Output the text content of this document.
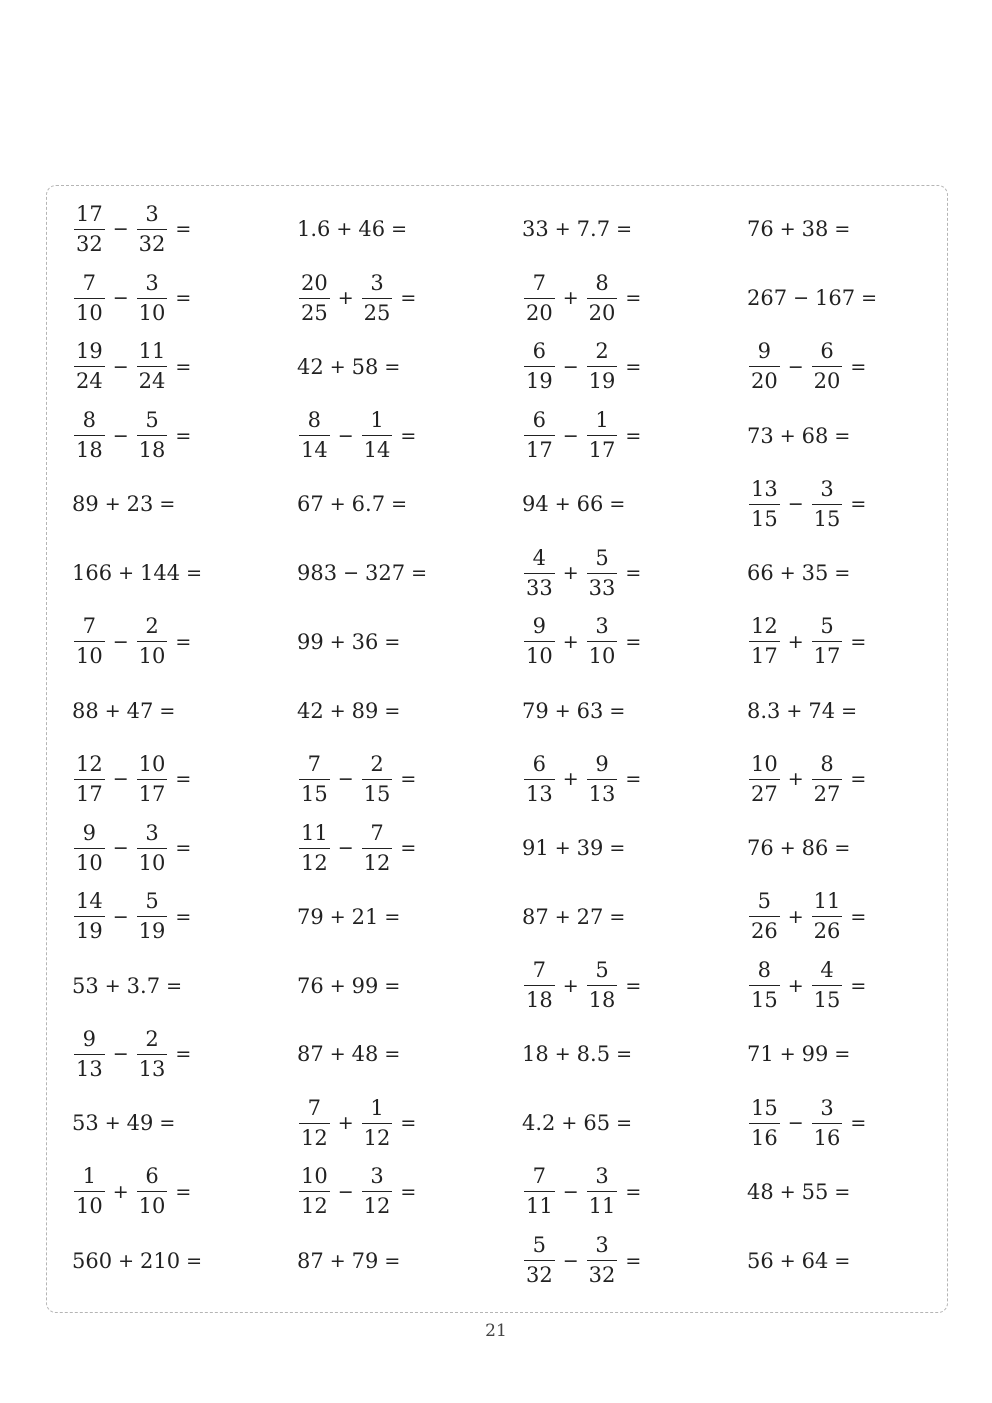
$\frac{17}{32} - \frac{3}{32}$ =	1.6 + 46 =	33 + 7.7 =	76 + 38 =
$\frac{7}{10} - \frac{3}{10}$ =	$\frac{20}{25} + \frac{3}{25}$ =	$\frac{7}{20} + \frac{8}{20}$ =	267 − 167 =
$\frac{19}{24} - \frac{11}{24}$ =	42 + 58 =	$\frac{6}{19} - \frac{2}{19}$ =	$\frac{9}{20} - \frac{6}{20}$ =
$\frac{8}{18} - \frac{5}{18}$ =	$\frac{8}{14} - \frac{1}{14}$ =	$\frac{6}{17} - \frac{1}{17}$ =	73 + 68 =
89 + 23 =	67 + 6.7 =	94 + 66 =	$\frac{13}{15} - \frac{3}{15}$ =
166 + 144 =	983 − 327 =	$\frac{4}{33} + \frac{5}{33}$ =	66 + 35 =
$\frac{7}{10} - \frac{2}{10}$ =	99 + 36 =	$\frac{9}{10} + \frac{3}{10}$ =	$\frac{12}{17} + \frac{5}{17}$ =
88 + 47 =	42 + 89 =	79 + 63 =	8.3 + 74 =
$\frac{12}{17} - \frac{10}{17}$ =	$\frac{7}{15} - \frac{2}{15}$ =	$\frac{6}{13} + \frac{9}{13}$ =	$\frac{10}{27} + \frac{8}{27}$ =
$\frac{9}{10} - \frac{3}{10}$ =	$\frac{11}{12} - \frac{7}{12}$ =	91 + 39 =	76 + 86 =
$\frac{14}{19} - \frac{5}{19}$ =	79 + 21 =	87 + 27 =	$\frac{5}{26} + \frac{11}{26}$ =
53 + 3.7 =	76 + 99 =	$\frac{7}{18} + \frac{5}{18}$ =	$\frac{8}{15} + \frac{4}{15}$ =
$\frac{9}{13} - \frac{2}{13}$ =	87 + 48 =	18 + 8.5 =	71 + 99 =
53 + 49 =	$\frac{7}{12} + \frac{1}{12}$ =	4.2 + 65 =	$\frac{15}{16} - \frac{3}{16}$ =
$\frac{1}{10} + \frac{6}{10}$ =	$\frac{10}{12} - \frac{3}{12}$ =	$\frac{7}{11} - \frac{3}{11}$ =	48 + 55 =
560 + 210 =	87 + 79 =	$\frac{5}{32} - \frac{3}{32}$ =	56 + 64 =
21
